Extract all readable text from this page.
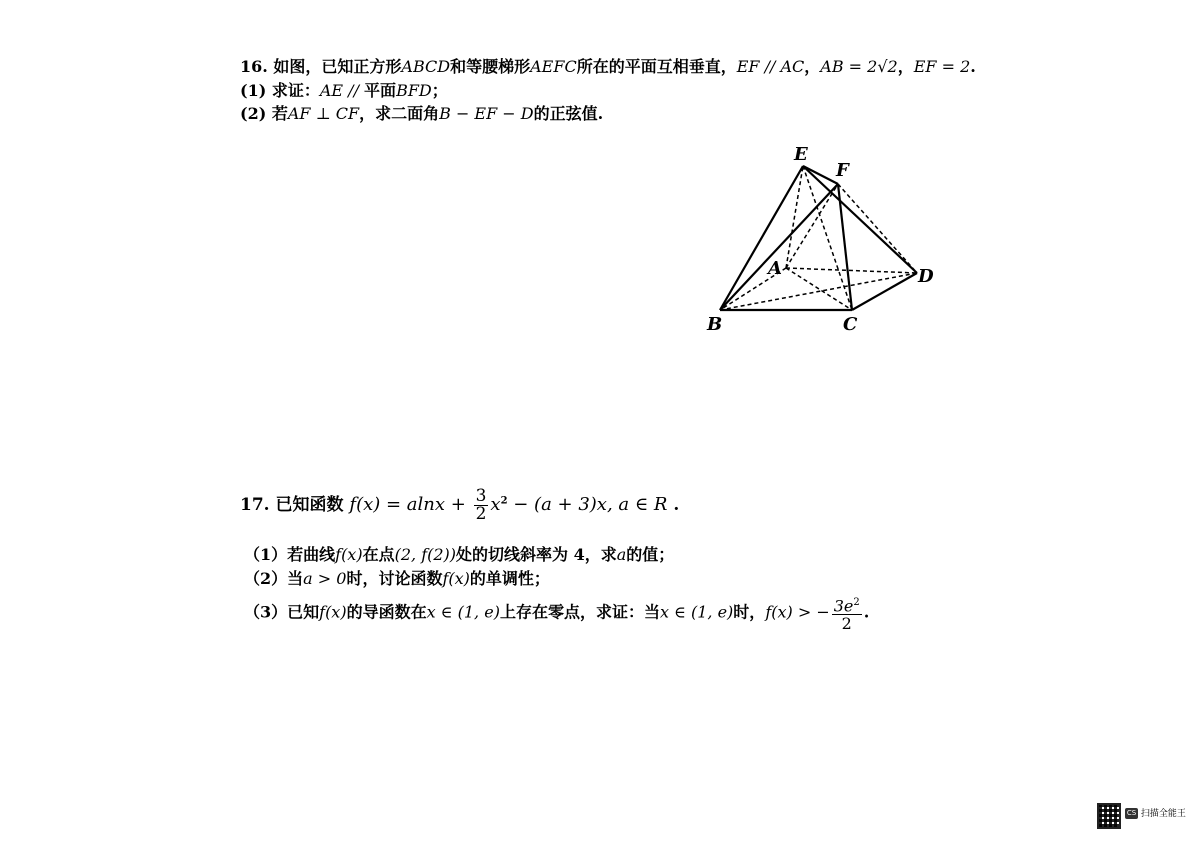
16. 如图，已知正方形ABCD和等腰梯形AEFC所在的平面互相垂直，EF // AC，AB = 2√2，EF = 2.
(1) 求证：AE // 平面BFD；
(2) 若AF ⊥ CF，求二面角B − EF − D的正弦值.
E
F
A	D
B	C
17. 已知函数 $f(x) = alnx + \frac{3}{2} x^2 - (a + 3)x$, a ∈ R .
（1）若曲线f(x)在点(2, f(2))处的切线斜率为 4，求a的值；
（2）当a > 0时，讨论函数f(x)的单调性；
（3）已知f(x)的导函数在x ∈ (1, e)上存在零点，求证：当x ∈ (1, e)时，f(x) > − $\frac{3e^2}{2}$ .
CS 扫描全能王
